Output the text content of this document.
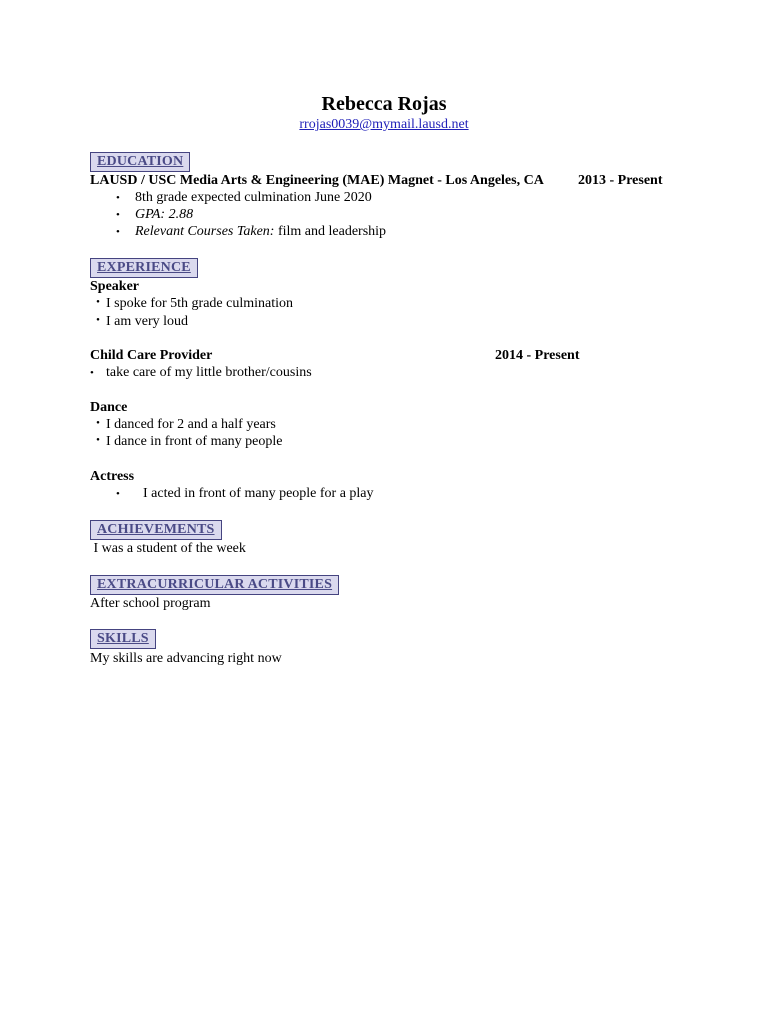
Rebecca Rojas
rrojas0039@mymail.lausd.net
EDUCATION
LAUSD / USC Media Arts & Engineering (MAE) Magnet - Los Angeles, CA 2013 - Present
• 8th grade expected culmination June 2020
• GPA: 2.88
• Relevant Courses Taken: film and leadership
EXPERIENCE
Speaker
・ I spoke for 5th grade culmination
・ I am very loud
Child Care Provider	2014 - Present
• take care of my little brother/cousins
Dance
・ I danced for 2 and a half years
・ I dance in front of many people
Actress
• I acted in front of many people for a play
ACHIEVEMENTS
I was a student of the week
EXTRACURRICULAR ACTIVITIES
After school program
SKILLS
My skills are advancing right now
